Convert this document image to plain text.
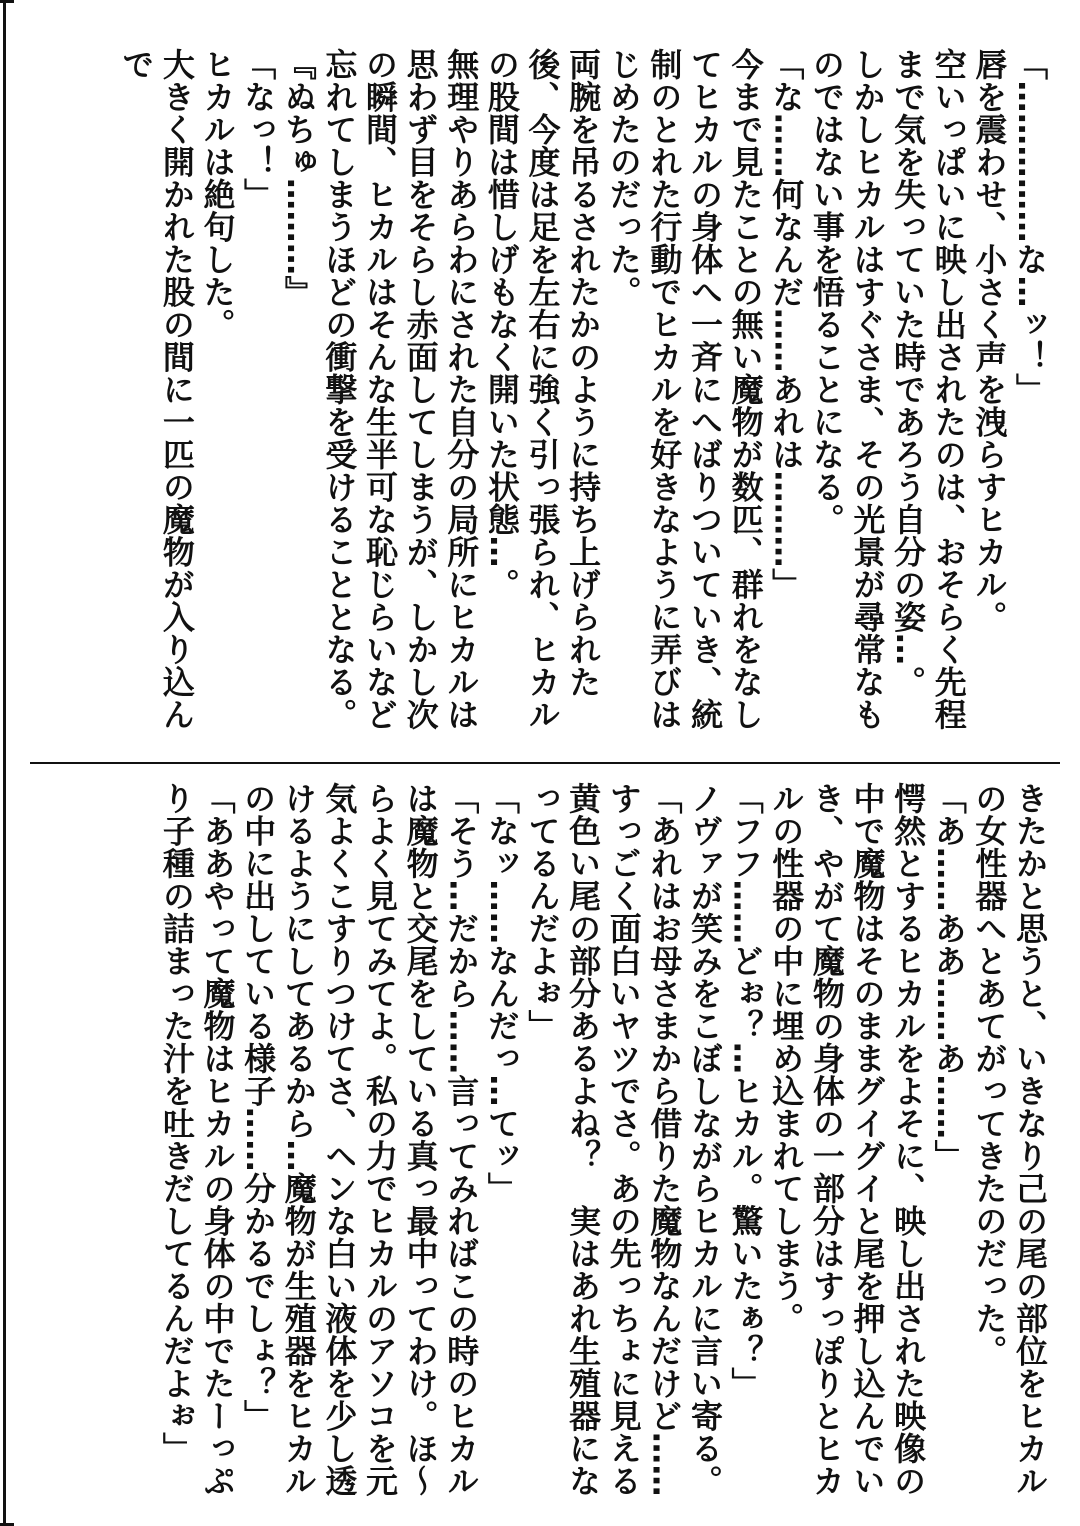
「……………な…ッ！」

唇を震わせ、小さく声を洩らすヒカル。

空いっぱいに映し出されたのは、おそらく先程まで気を失っていた時であろう自分の姿…。

しかしヒカルはすぐさま、その光景が尋常なものではない事を悟ることになる。

「な……何なんだ……あれは………」

今まで見たことの無い魔物が数匹、群れをなしてヒカルの身体へ一斉にへばりついていき、統制のとれた行動でヒカルを好きなように弄びはじめたのだった。

両腕を吊るされたかのように持ち上げられた後、今度は足を左右に強く引っ張られ、ヒカルの股間は惜しげもなく開いた状態…。

無理やりあらわにされた自分の局所にヒカルは思わず目をそらし赤面してしまうが、しかし次の瞬間、ヒカルはそんな生半可な恥じらいなど忘れてしまうほどの衝撃を受けることとなる。

『ぬちゅ………』

「なっ！」

ヒカルは絶句した。

大きく開かれた股の間に一匹の魔物が入り込んで

きたかと思うと、いきなり己の尾の部位をヒカルの女性器へとあてがってきたのだった。

「あ……ああ……あ……」

愕然とするヒカルをよそに、映し出された映像の中で魔物はそのままグイグイと尾を押し込んでいき、やがて魔物の身体の一部分はすっぽりとヒカルの性器の中に埋め込まれてしまう。

「フフ……どぉ？…ヒカル。驚いたぁ？」

ノヴァが笑みをこぼしながらヒカルに言い寄る。

「あれはお母さまから借りた魔物なんだけど……すっごく面白いヤツでさ。あの先っちょに見える黄色い尾の部分あるよね？　実はあれ生殖器になってるんだよぉ」

「なッ……なんだっ…てッ」

「そう…だから……言ってみればこの時のヒカルは魔物と交尾をしている真っ最中ってわけ。ほ～らよく見てみてよ。私の力でヒカルのアソコを元気よくこすりつけてさ、ヘンな白い液体を少し透けるようにしてあるから…魔物が生殖器をヒカルの中に出している様子……分かるでしょ？」

「ああやって魔物はヒカルの身体の中でたーっぷり子種の詰まった汁を吐きだしてるんだよぉ」
